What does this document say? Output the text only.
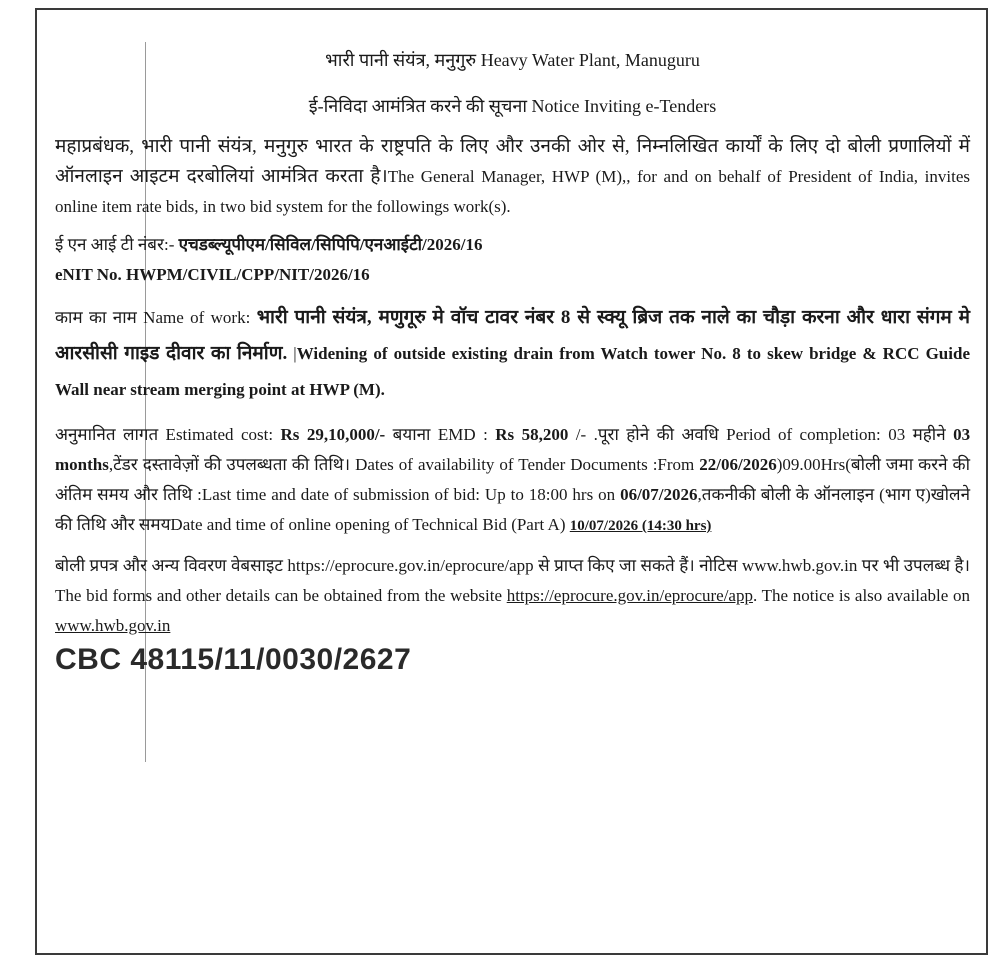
भारी पानी संयंत्र, मनुगुरु Heavy Water Plant, Manuguru
ई-निविदा आमंत्रित करने की सूचना Notice Inviting e-Tenders
महाप्रबंधक, भारी पानी संयंत्र, मनुगुरु भारत के राष्ट्रपति के लिए और उनकी ओर से, निम्नलिखित कार्यों के लिए दो बोली प्रणालियों में ऑनलाइन आइटम दरबोलियां आमंत्रित करता है।The General Manager, HWP (M),, for and on behalf of President of India, invites online item rate bids, in two bid system for the followings work(s).
ई एन आई टी नंबर:- एचडब्ल्यूपीएम/सिविल/सिपिपि/एनआईटी/2026/16
eNIT No. HWPM/CIVIL/CPP/NIT/2026/16
काम का नाम Name of work: भारी पानी संयंत्र, मणुगूरु मे वॉच टावर नंबर 8 से स्क्यू ब्रिज तक नाले का चौड़ा करना और धारा संगम मे आरसीसी गाइड दीवार का निर्माण. |Widening of outside existing drain from Watch tower No. 8 to skew bridge & RCC Guide Wall near stream merging point at HWP (M).
अनुमानित लागत Estimated cost: Rs 29,10,000/- बयाना EMD : Rs 58,200 /- .पूरा होने की अवधि Period of completion: 03 महीने 03 months,टेंडर दस्तावेज़ों की उपलब्धता की तिथि। Dates of availability of Tender Documents :From 22/06/2026)09.00Hrs(बोली जमा करने की अंतिम समय और तिथि :Last time and date of submission of bid: Up to 18:00 hrs on 06/07/2026,तकनीकी बोली के ऑनलाइन (भाग ए)खोलने की तिथि और समयDate and time of online opening of Technical Bid (Part A) 10/07/2026 (14:30 hrs)
बोली प्रपत्र और अन्य विवरण वेबसाइट https://eprocure.gov.in/eprocure/app से प्राप्त किए जा सकते हैं। नोटिस www.hwb.gov.in पर भी उपलब्ध है।The bid forms and other details can be obtained from the website https://eprocure.gov.in/eprocure/app. The notice is also available on www.hwb.gov.in
CBC 48115/11/0030/2627
